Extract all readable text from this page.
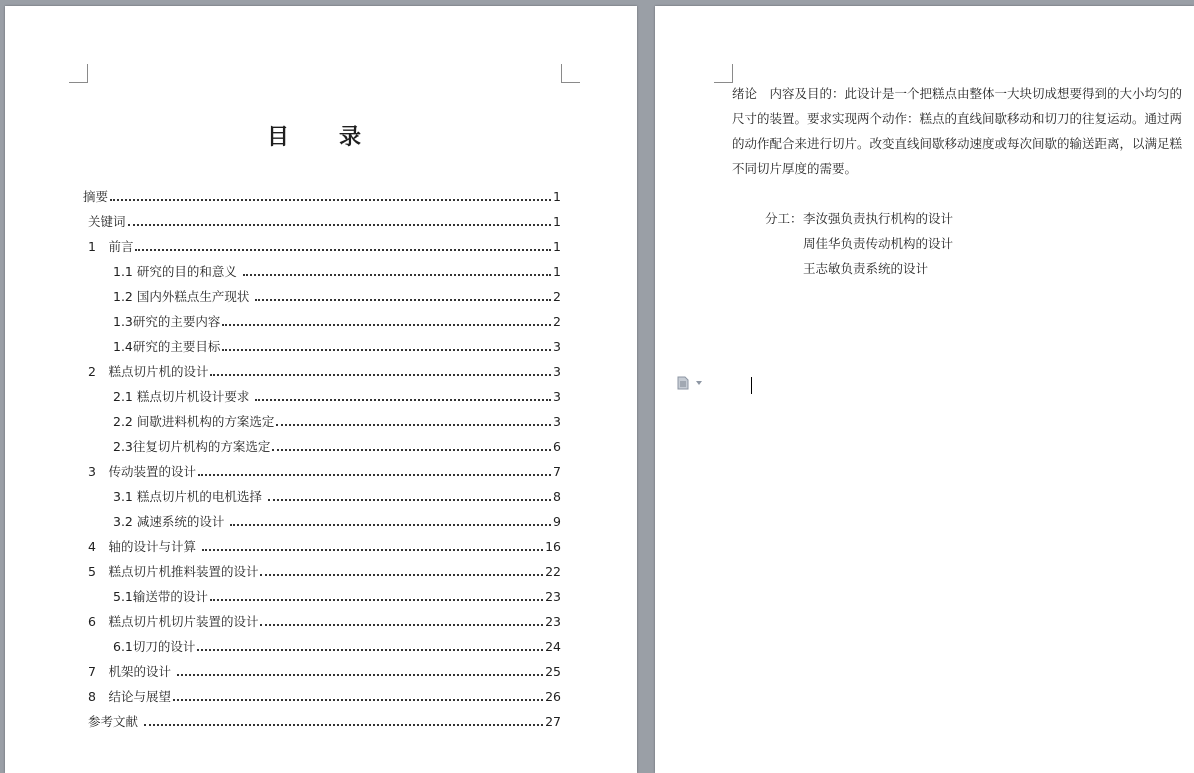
目　录
摘要	1
关键词	1
1　前言	1
1.1 研究的目的和意义	1
1.2 国内外糕点生产现状	2
1.3研究的主要内容	2
1.4研究的主要目标	3
2　糕点切片机的设计	3
2.1 糕点切片机设计要求	3
2.2 间歇进料机构的方案选定	3
2.3往复切片机构的方案选定	6
3　传动装置的设计	7
3.1 糕点切片机的电机选择	8
3.2 减速系统的设计	9
4　轴的设计与计算	16
5　糕点切片机推料装置的设计	22
5.1输送带的设计	23
6　糕点切片机切片装置的设计	23
6.1切刀的设计	24
7　机架的设计	25
8　结论与展望	26
参考文献	27
绪论　内容及目的：此设计是一个把糕点由整体一大块切成想要得到的大小均匀的
尺寸的装置。要求实现两个动作：糕点的直线间歇移动和切刀的往复运动。通过两
的动作配合来进行切片。改变直线间歇移动速度或每次间歇的输送距离，以满足糕
不同切片厚度的需要。
分工： 李汝强负责执行机构的设计
周佳华负责传动机构的设计
王志敏负责系统的设计
